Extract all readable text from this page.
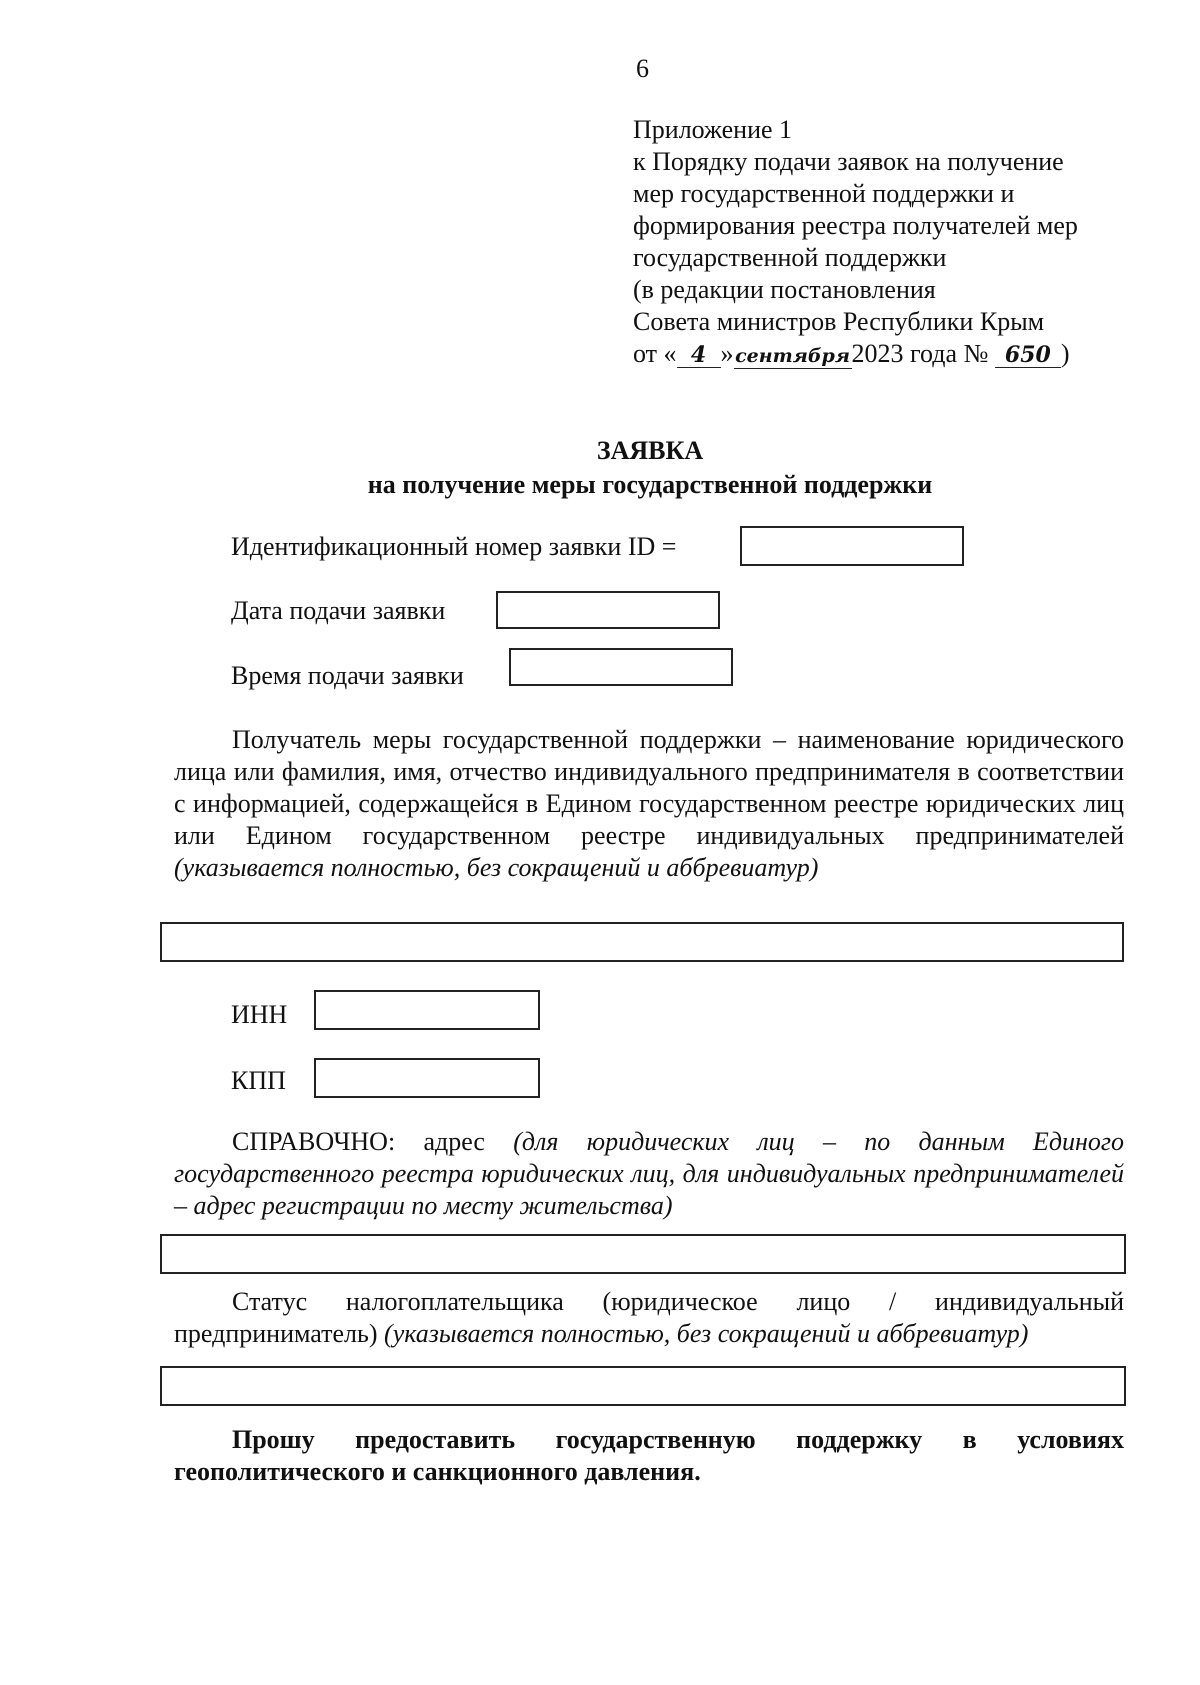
6
Приложение 1
к Порядку подачи заявок на получение
мер государственной поддержки и
формирования реестра получателей мер
государственной поддержки
(в редакции постановления
Совета министров Республики Крым
от « 4 »сентября2023 года № 650 )
ЗАЯВКА
на получение меры государственной поддержки
Идентификационный номер заявки ID =
Дата подачи заявки
Время подачи заявки
Получатель меры государственной поддержки – наименование юридического лица или фамилия, имя, отчество индивидуального предпринимателя в соответствии с информацией, содержащейся в Едином государственном реестре юридических лиц или Едином государственном реестре индивидуальных предпринимателей (указывается полностью, без сокращений и аббревиатур)
ИНН
КПП
СПРАВОЧНО: адрес (для юридических лиц – по данным Единого государственного реестра юридических лиц, для индивидуальных предпринимателей – адрес регистрации по месту жительства)
Статус налогоплательщика (юридическое лицо / индивидуальный предприниматель) (указывается полностью, без сокращений и аббревиатур)
Прошу предоставить государственную поддержку в условиях геополитического и санкционного давления.
